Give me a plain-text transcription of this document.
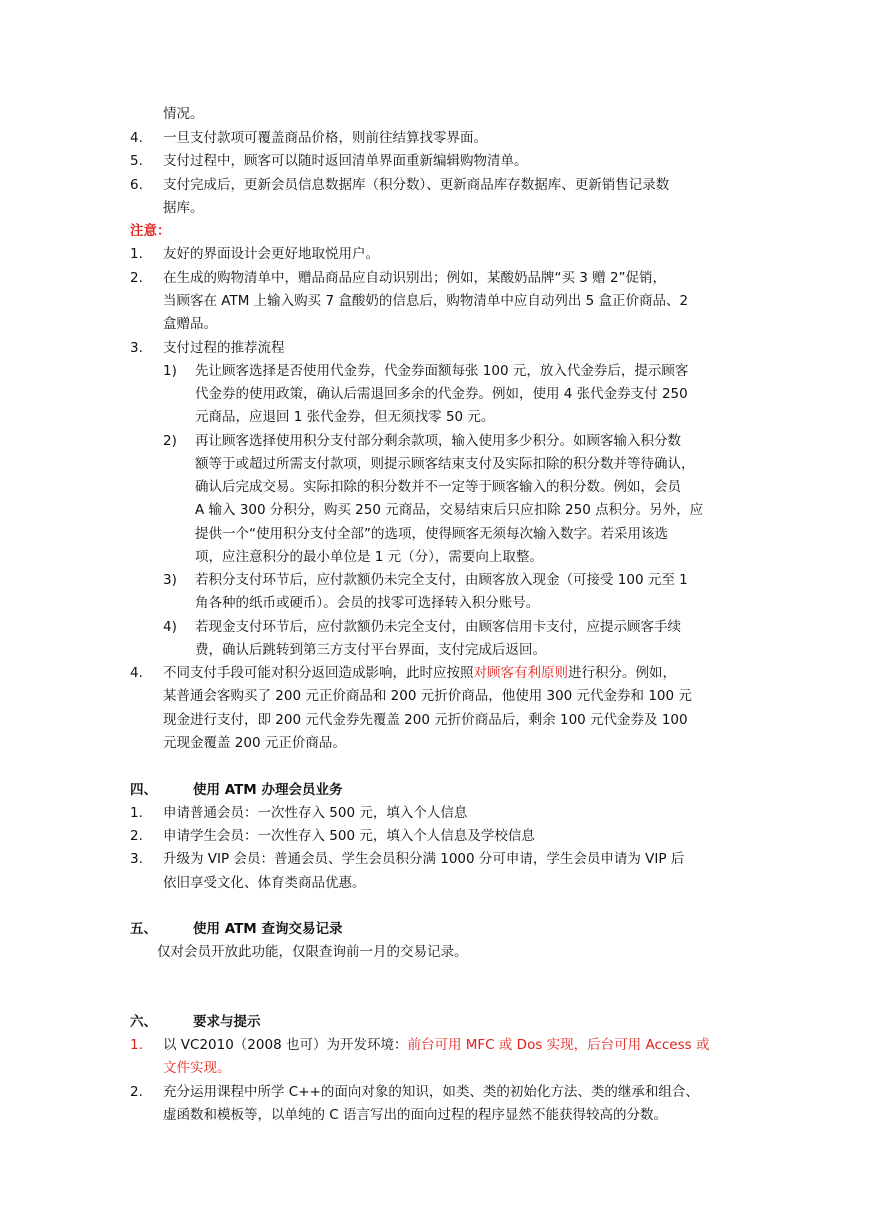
情况。
4. 一旦支付款项可覆盖商品价格，则前往结算找零界面。
5. 支付过程中，顾客可以随时返回清单界面重新编辑购物清单。
6. 支付完成后，更新会员信息数据库（积分数）、更新商品库存数据库、更新销售记录数
据库。
注意：
1. 友好的界面设计会更好地取悦用户。
2. 在生成的购物清单中，赠品商品应自动识别出；例如，某酸奶品牌“买 3 赠 2”促销，
当顾客在 ATM 上输入购买 7 盒酸奶的信息后，购物清单中应自动列出 5 盒正价商品、2
盒赠品。
3. 支付过程的推荐流程
1) 先让顾客选择是否使用代金券，代金券面额每张 100 元，放入代金券后，提示顾客
代金券的使用政策，确认后需退回多余的代金券。例如，使用 4 张代金券支付 250
元商品，应退回 1 张代金券，但无须找零 50 元。
2) 再让顾客选择使用积分支付部分剩余款项，输入使用多少积分。如顾客输入积分数
额等于或超过所需支付款项，则提示顾客结束支付及实际扣除的积分数并等待确认，
确认后完成交易。实际扣除的积分数并不一定等于顾客输入的积分数。例如，会员
A 输入 300 分积分，购买 250 元商品，交易结束后只应扣除 250 点积分。另外，应
提供一个“使用积分支付全部”的选项，使得顾客无须每次输入数字。若采用该选
项，应注意积分的最小单位是 1 元（分），需要向上取整。
3) 若积分支付环节后，应付款额仍未完全支付，由顾客放入现金（可接受 100 元至 1
角各种的纸币或硬币）。会员的找零可选择转入积分账号。
4) 若现金支付环节后，应付款额仍未完全支付，由顾客信用卡支付，应提示顾客手续
费，确认后跳转到第三方支付平台界面，支付完成后返回。
4. 不同支付手段可能对积分返回造成影响，此时应按照对顾客有利原则进行积分。例如，
某普通会客购买了 200 元正价商品和 200 元折价商品，他使用 300 元代金券和 100 元
现金进行支付，即 200 元代金券先覆盖 200 元折价商品后，剩余 100 元代金券及 100
元现金覆盖 200 元正价商品。
四、	使用 ATM 办理会员业务
1. 申请普通会员：一次性存入 500 元，填入个人信息
2. 申请学生会员：一次性存入 500 元，填入个人信息及学校信息
3. 升级为 VIP 会员：普通会员、学生会员积分满 1000 分可申请，学生会员申请为 VIP 后
依旧享受文化、体育类商品优惠。
五、	使用 ATM 查询交易记录
仅对会员开放此功能，仅限查询前一月的交易记录。
六、	要求与提示
1. 以 VC2010（2008 也可）为开发环境：前台可用 MFC 或 Dos 实现，后台可用 Access 或
文件实现。
2. 充分运用课程中所学 C++的面向对象的知识，如类、类的初始化方法、类的继承和组合、
虚函数和模板等，以单纯的 C 语言写出的面向过程的程序显然不能获得较高的分数。
